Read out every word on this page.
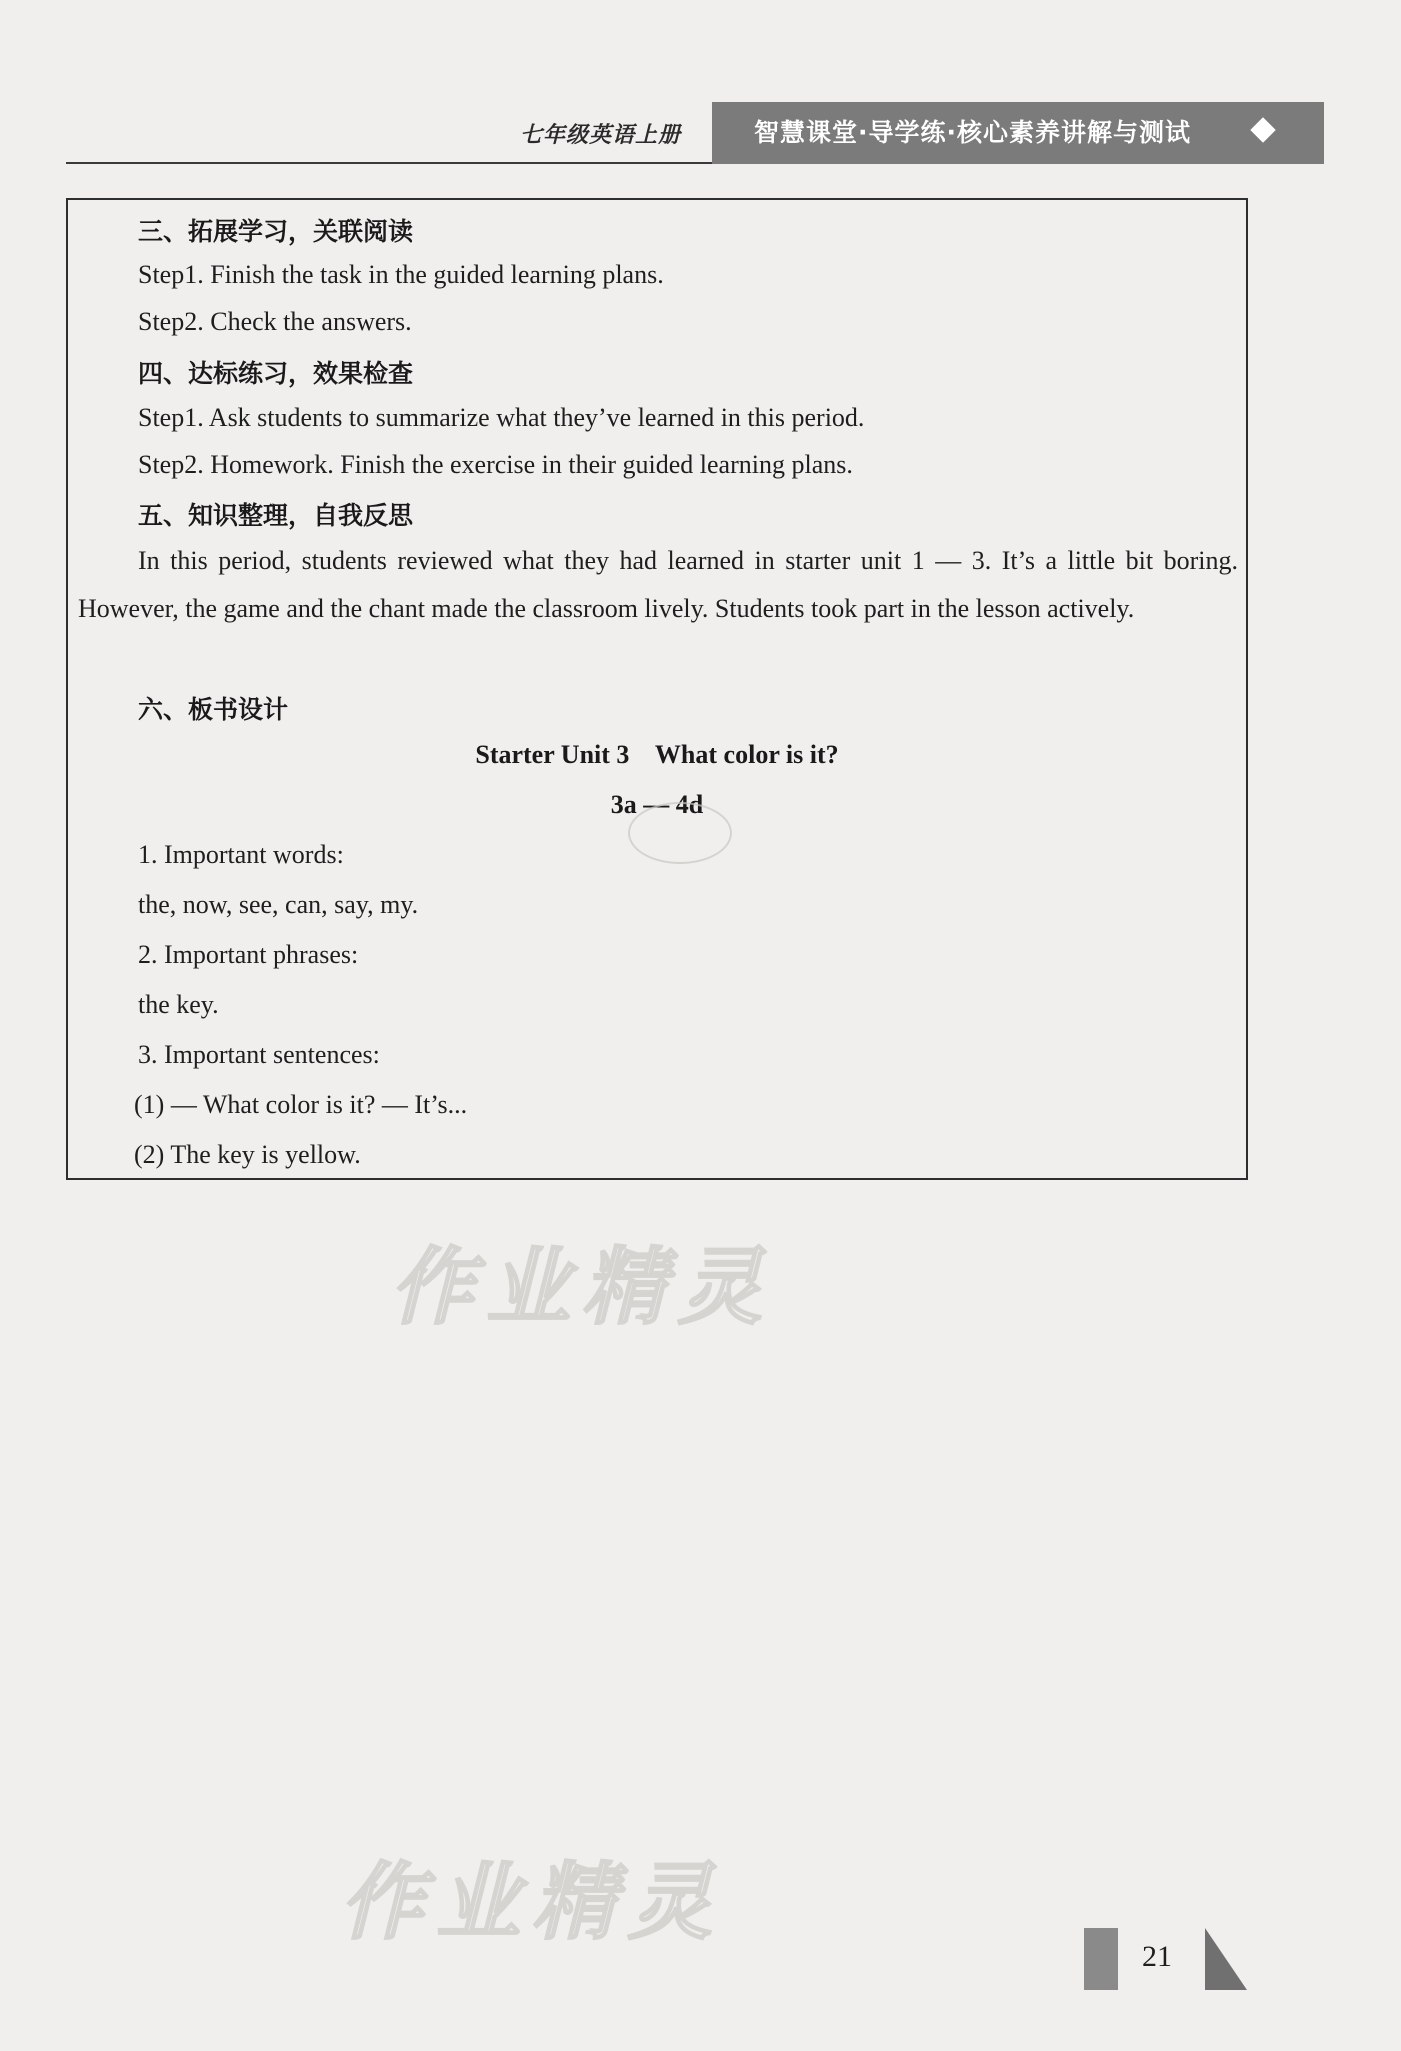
七年级英语上册	智慧课堂·导学练·核心素养讲解与测试
三、拓展学习，关联阅读
Step1. Finish the task in the guided learning plans.
Step2. Check the answers.
四、达标练习，效果检查
Step1. Ask students to summarize what they’ve learned in this period.
Step2. Homework. Finish the exercise in their guided learning plans.
五、知识整理，自我反思
In this period, students reviewed what they had learned in starter unit 1 — 3. It’s a little bit boring. However, the game and the chant made the classroom lively. Students took part in the lesson actively.
六、板书设计
Starter Unit 3    What color is it?
3a — 4d
1. Important words:
the, now, see, can, say, my.
2. Important phrases:
the key.
3. Important sentences:
(1) — What color is it? — It’s...
(2) The key is yellow.
作业精灵
作业精灵
21
